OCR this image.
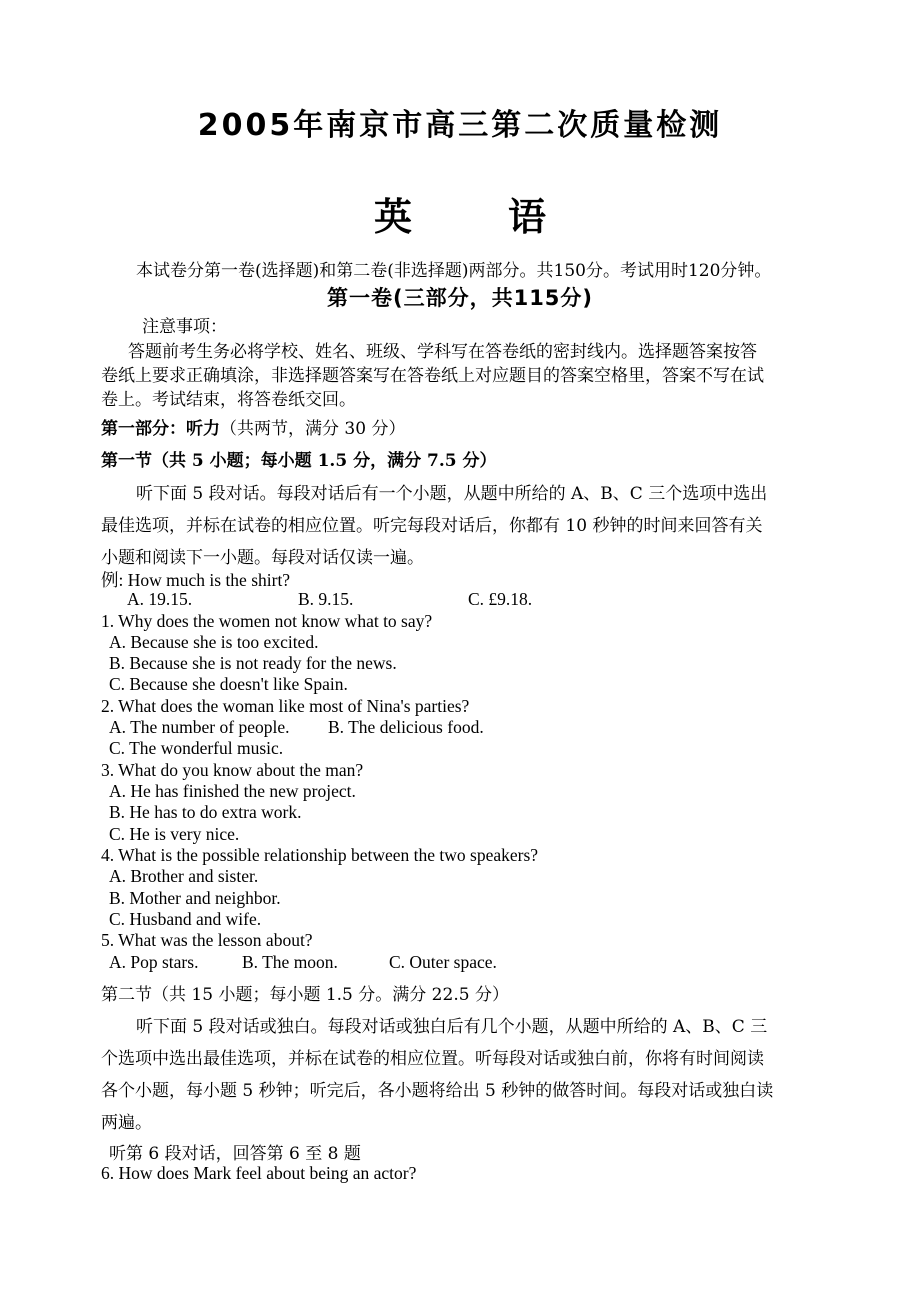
2005年南京市高三第二次质量检测
英	语
本试卷分第一卷(选择题)和第二卷(非选择题)两部分。共150分。考试用时120分钟。
第一卷(三部分，共115分)
注意事项：
答题前考生务必将学校、姓名、班级、学科写在答卷纸的密封线内。选择题答案按答
卷纸上要求正确填涂，非选择题答案写在答卷纸上对应题目的答案空格里，答案不写在试
卷上。考试结束，将答卷纸交回。
第一部分：听力（共两节，满分 30 分）
第一节（共 5 小题；每小题 1.5 分，满分 7.5 分）
听下面 5 段对话。每段对话后有一个小题，从题中所给的 A、B、C 三个选项中选出
最佳选项，并标在试卷的相应位置。听完每段对话后，你都有 10 秒钟的时间来回答有关
小题和阅读下一小题。每段对话仅读一遍。
例: How much is the shirt?
A. 19.15.	B. 9.15.	C. £9.18.
1. Why does the women not know what to say?
A. Because she is too excited.
B. Because she is not ready for the news.
C. Because she doesn't like Spain.
2. What does the woman like most of Nina's parties?
A. The number of people. B. The delicious food.
C. The wonderful music.
3. What do you know about the man?
A. He has finished the new project.
B. He has to do extra work.
C. He is very nice.
4. What is the possible relationship between the two speakers?
A. Brother and sister.
B. Mother and neighbor.
C. Husband and wife.
5. What was the lesson about?
A. Pop stars. B. The moon.	C. Outer space.
第二节（共 15 小题；每小题 1.5 分。满分 22.5 分）
听下面 5 段对话或独白。每段对话或独白后有几个小题，从题中所给的 A、B、C 三
个选项中选出最佳选项，并标在试卷的相应位置。听每段对话或独白前，你将有时间阅读
各个小题，每小题 5 秒钟；听完后，各小题将给出 5 秒钟的做答时间。每段对话或独白读
两遍。
听第 6 段对话，回答第 6 至 8 题
6. How does Mark feel about being an actor?
